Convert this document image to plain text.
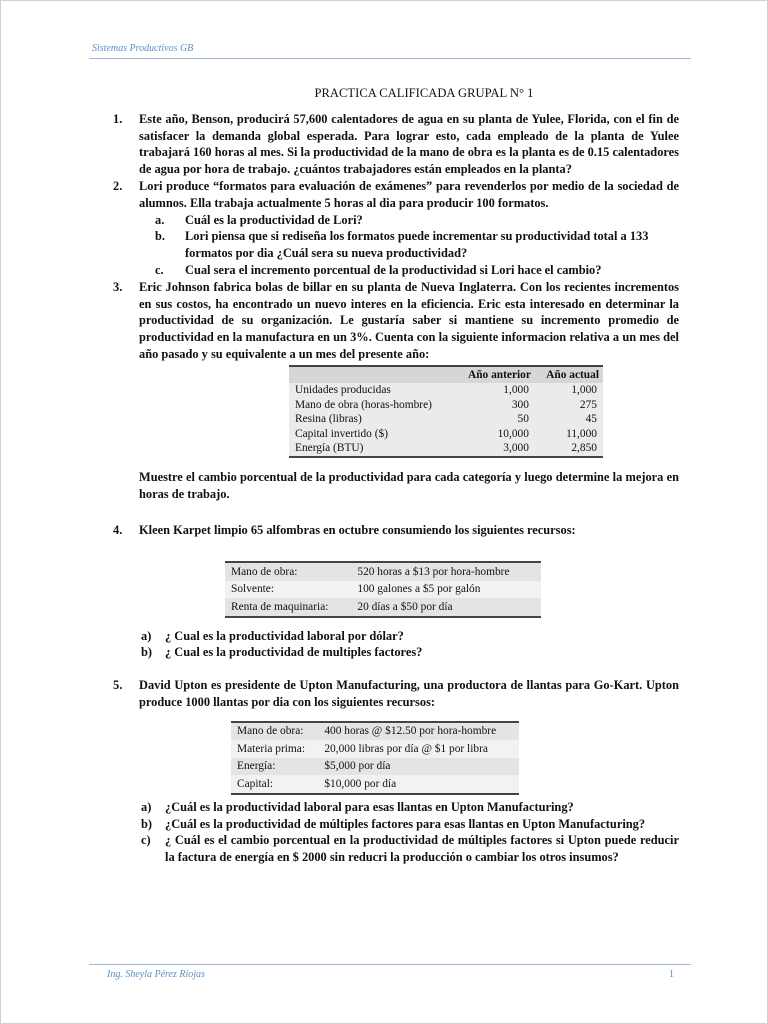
Sistemas Productivos GB
PRACTICA CALIFICADA GRUPAL N° 1
1.	Este año, Benson, producirá 57,600 calentadores de agua en su planta de Yulee, Florida, con el fin de satisfacer la demanda global esperada. Para lograr esto, cada empleado de la planta de Yulee trabajará 160 horas al mes. Si la productividad de la mano de obra es la planta es de 0.15 calentadores de agua por hora de trabajo. ¿cuántos trabajadores están empleados en la planta?
2.	Lori produce “formatos para evaluación de exámenes” para revenderlos por medio de la sociedad de alumnos. Ella trabaja actualmente 5 horas al dia para producir 100 formatos.
a.	Cuál es la productividad de Lori?
b.	Lori piensa que si rediseña los formatos puede incrementar su productividad total a 133 formatos por dia ¿Cuál sera su nueva productividad?
c.	Cual sera el incremento porcentual de la productividad si Lori hace el cambio?
3.	Eric Johnson fabrica bolas de billar en su planta de Nueva Inglaterra. Con los recientes incrementos en sus costos, ha encontrado un nuevo interes en la eficiencia. Eric esta interesado en determinar la productividad de su organización. Le gustaría saber si mantiene su incremento promedio de productividad en la manufactura en un 3%. Cuenta con la siguiente informacion relativa a un mes del año pasado y su equivalente a un mes del presente año:
	Año anterior	Año actual
Unidades producidas	1,000	1,000
Mano de obra (horas-hombre)	300	275
Resina (libras)	50	45
Capital invertido ($)	10,000	11,000
Energía (BTU)	3,000	2,850
Muestre el cambio porcentual de la productividad para cada categoría y luego determine la mejora en horas de trabajo.
4.	Kleen Karpet limpio 65 alfombras en octubre consumiendo los siguientes recursos:
Mano de obra:	520 horas a $13 por hora-hombre
Solvente:	100 galones a $5 por galón
Renta de maquinaria:	20 días a $50 por día
a)	¿ Cual es la productividad laboral por dólar?
b)	¿ Cual es la productividad de multiples factores?
5.	David Upton es presidente de Upton Manufacturing, una productora de llantas para Go-Kart. Upton produce 1000 llantas por dia con los siguientes recursos:
Mano de obra:	400 horas @ $12.50 por hora-hombre
Materia prima:	20,000 libras por día @ $1 por libra
Energía:	$5,000 por día
Capital:	$10,000 por día
a)	¿Cuál es la productividad laboral para esas llantas en Upton Manufacturing?
b)	¿Cuál es la productividad de múltiples factores para esas llantas en Upton Manufacturing?
c)	¿ Cuál es el cambio porcentual en la productividad de múltiples factores si Upton puede reducir la factura de energía en $ 2000 sin reducri la producción o cambiar los otros insumos?
Ing. Sheyla Pérez Riojas	1
